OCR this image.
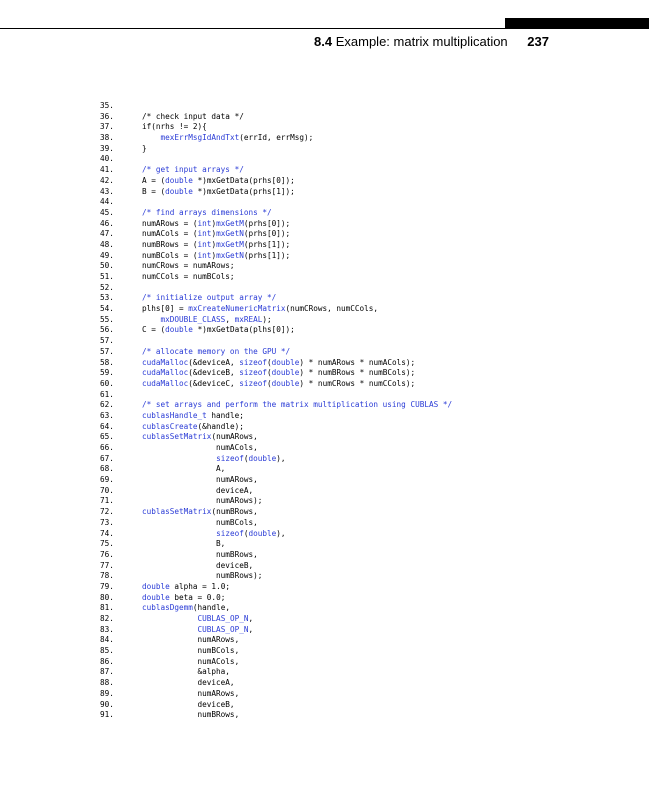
8.4 Example: matrix multiplication 237
35.
36.	/* check input data */
37.	if(nrhs != 2){
38.	mexErrMsgIdAndTxt(errId, errMsg);
39.	}
40.
41.	/* get input arrays */
42.	A = (double *)mxGetData(prhs[0]);
43.	B = (double *)mxGetData(prhs[1]);
44.
45.	/* find arrays dimensions */
46.	numARows = (int)mxGetM(prhs[0]);
47.	numACols = (int)mxGetN(prhs[0]);
48.	numBRows = (int)mxGetM(prhs[1]);
49.	numBCols = (int)mxGetN(prhs[1]);
50.	numCRows = numARows;
51.	numCCols = numBCols;
52.
53.	/* initialize output array */
54.	plhs[0] = mxCreateNumericMatrix(numCRows, numCCols,
55.	mxDOUBLE_CLASS, mxREAL);
56.	C = (double *)mxGetData(plhs[0]);
57.
57.	/* allocate memory on the GPU */
58.	cudaMalloc(&deviceA, sizeof(double) * numARows * numACols);
59.	cudaMalloc(&deviceB, sizeof(double) * numBRows * numBCols);
60.	cudaMalloc(&deviceC, sizeof(double) * numCRows * numCCols);
61.
62.	/* set arrays and perform the matrix multiplication using CUBLAS */
63.	cublasHandle_t handle;
64.	cublasCreate(&handle);
65.	cublasSetMatrix(numARows,
66.	numACols,
67.	sizeof(double),
68.	A,
69.	numARows,
70.	deviceA,
71.	numARows);
72.	cublasSetMatrix(numBRows,
73.	numBCols,
74.	sizeof(double),
75.	B,
76.	numBRows,
77.	deviceB,
78.	numBRows);
79.	double alpha = 1.0;
80.	double beta = 0.0;
81.	cublasDgemm(handle,
82.	CUBLAS_OP_N,
83.	CUBLAS_OP_N,
84.	numARows,
85.	numBCols,
86.	numACols,
87.	&alpha,
88.	deviceA,
89.	numARows,
90.	deviceB,
91.	numBRows,
